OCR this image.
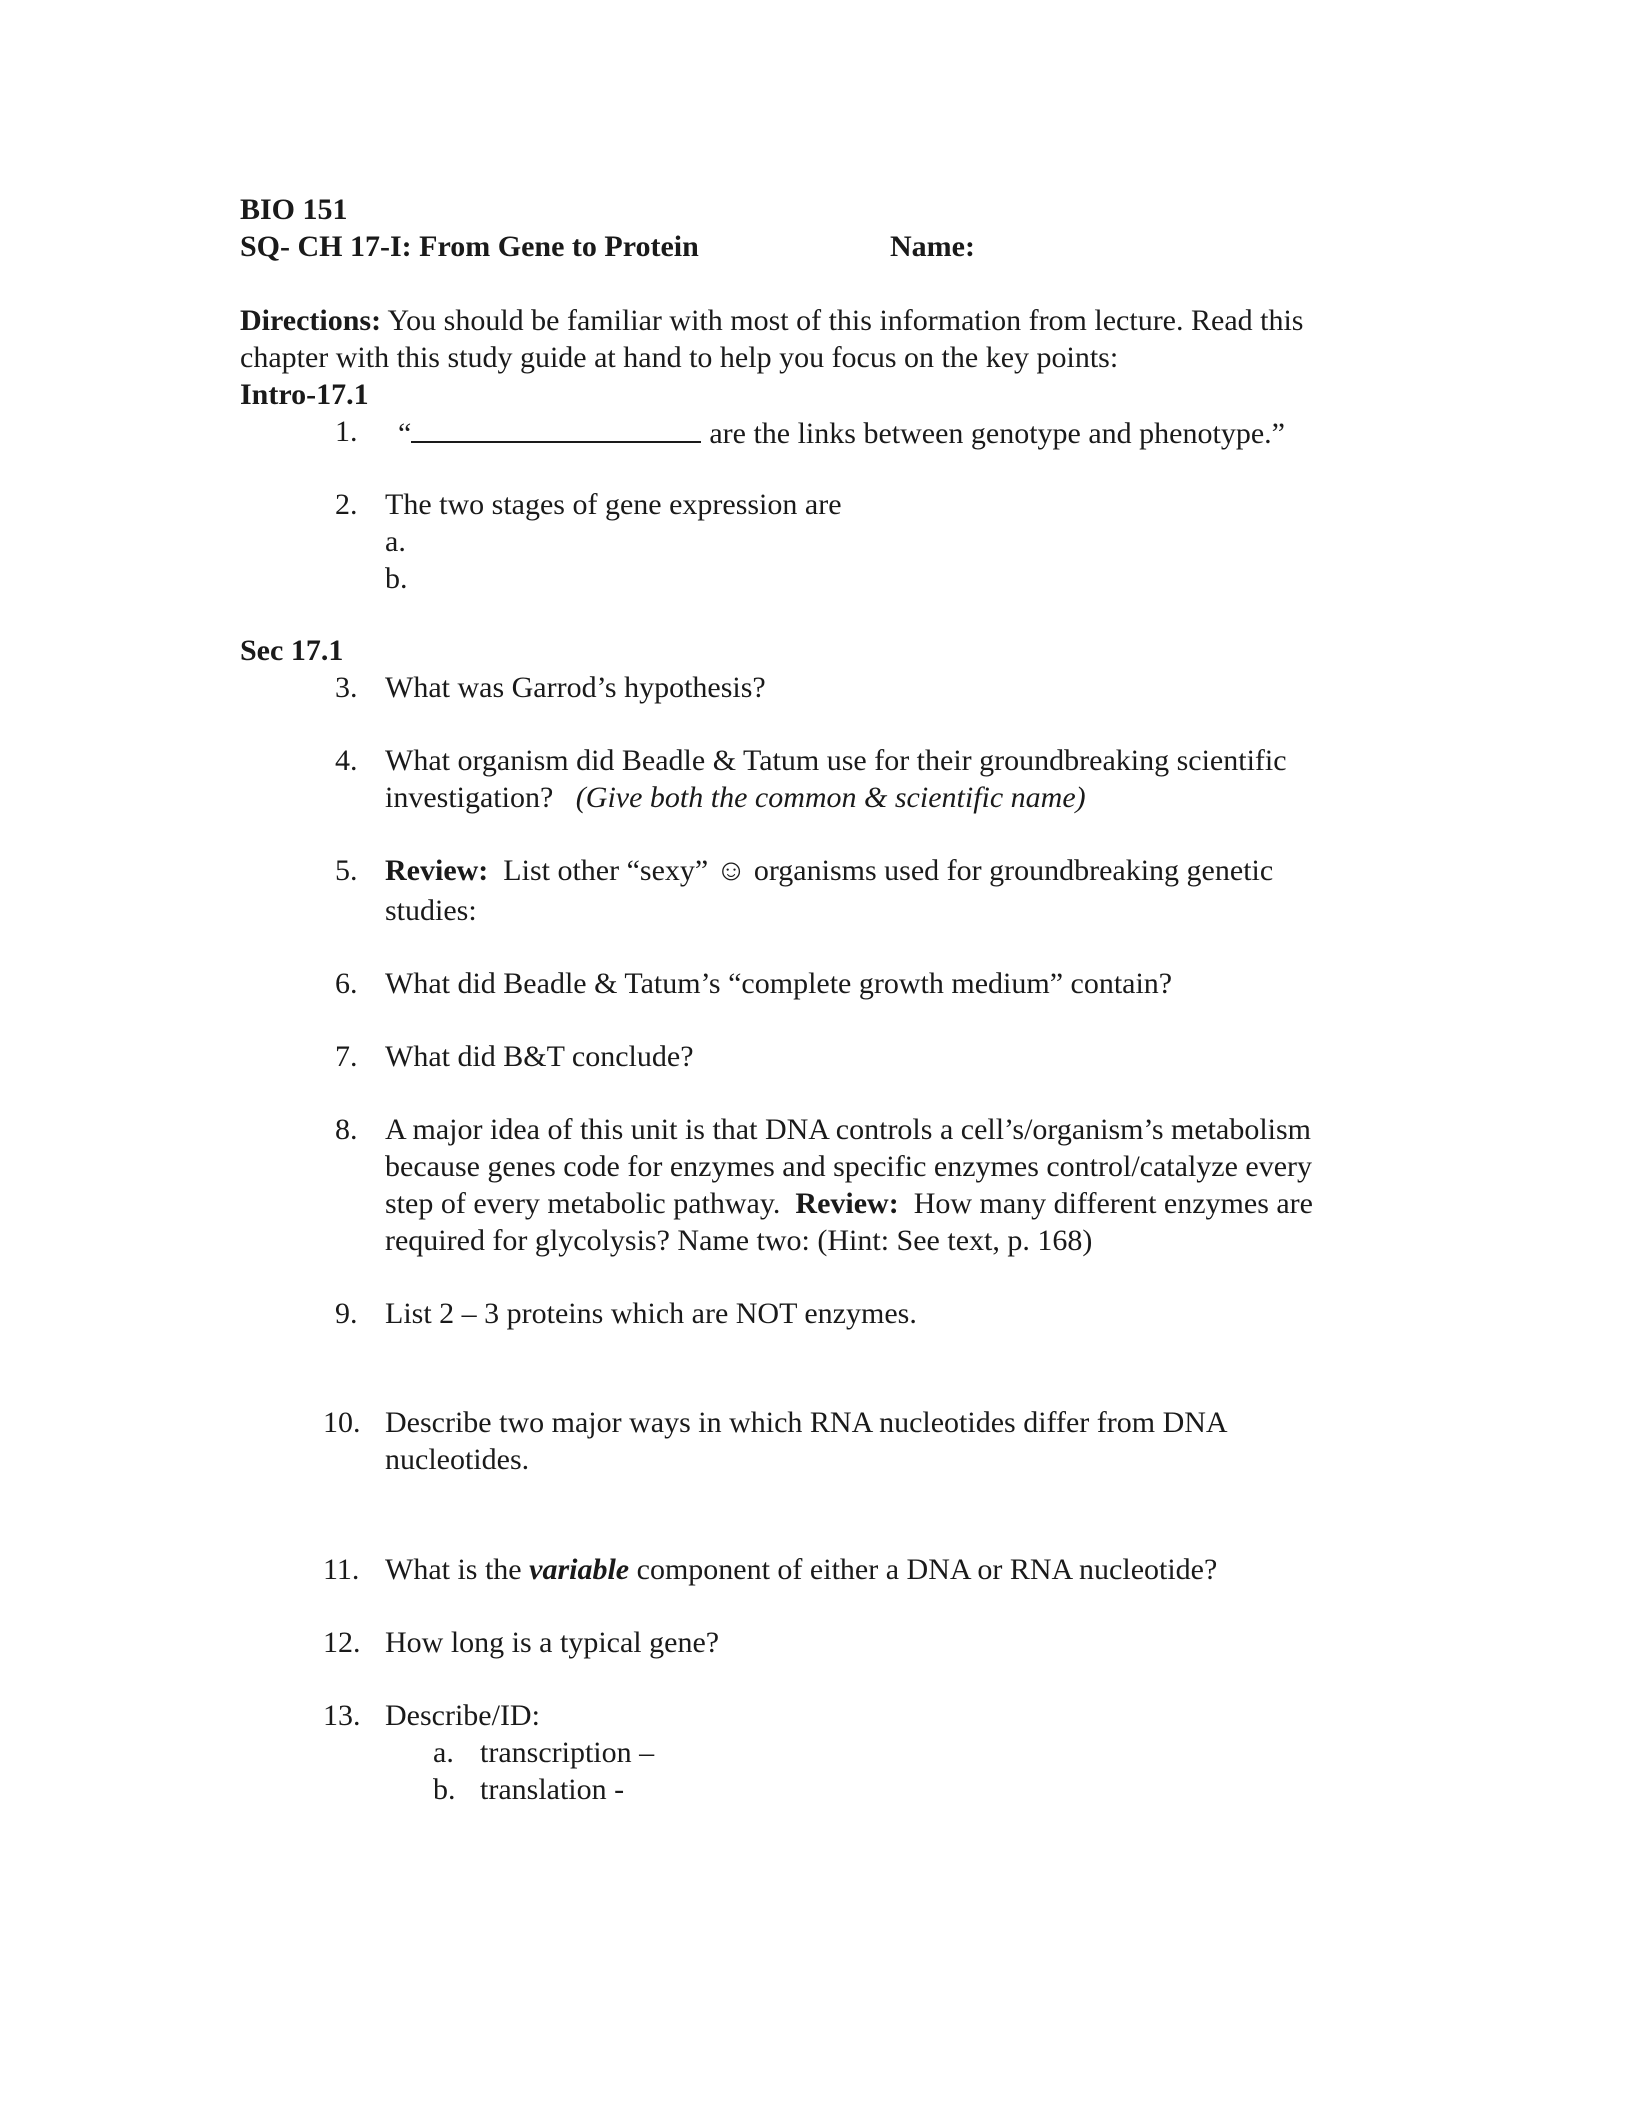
BIO 151
SQ- CH 17-I: From Gene to Protein	Name:
Directions: You should be familiar with most of this information from lecture. Read this
chapter with this study guide at hand to help you focus on the key points:
Intro-17.1
1. “	are the links between genotype and phenotype.”
2. The two stages of gene expression are
a.
b.
Sec 17.1
3. What was Garrod’s hypothesis?
4. What organism did Beadle & Tatum use for their groundbreaking scientific
investigation? (Give both the common & scientific name)
5. Review: List other “sexy” ☺ organisms used for groundbreaking genetic
studies:
6. What did Beadle & Tatum’s “complete growth medium” contain?
7. What did B&T conclude?
8. A major idea of this unit is that DNA controls a cell’s/organism’s metabolism
because genes code for enzymes and specific enzymes control/catalyze every
step of every metabolic pathway. Review: How many different enzymes are
required for glycolysis? Name two: (Hint: See text, p. 168)
9. List 2 – 3 proteins which are NOT enzymes.
10. Describe two major ways in which RNA nucleotides differ from DNA
nucleotides.
11. What is the variable component of either a DNA or RNA nucleotide?
12. How long is a typical gene?
13. Describe/ID:
a. transcription –
b. translation -
